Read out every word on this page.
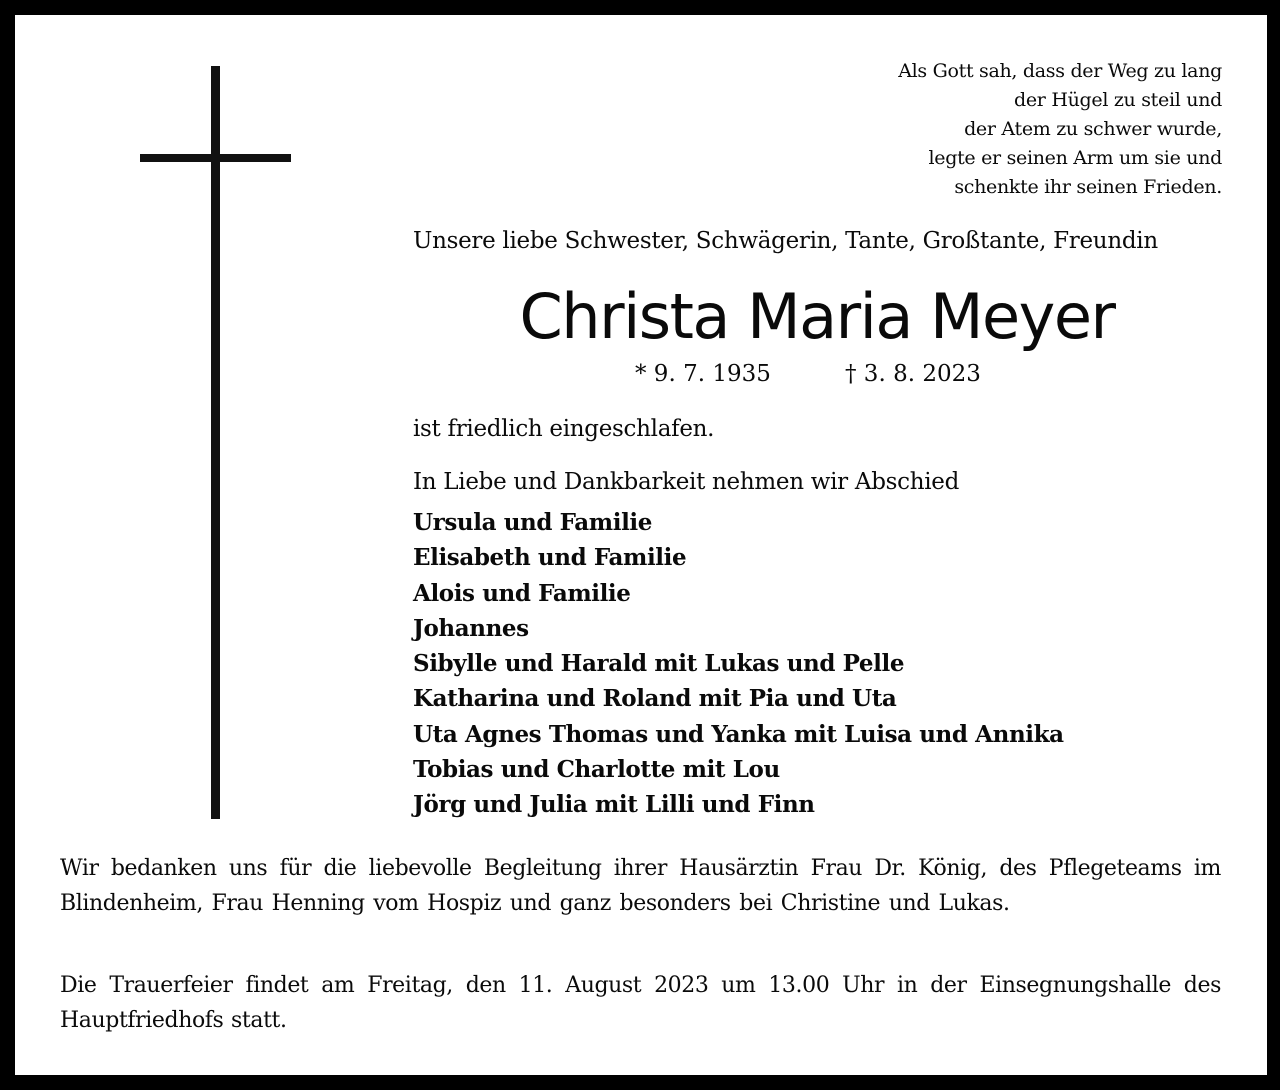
Als Gott sah, dass der Weg zu lang
der Hügel zu steil und
der Atem zu schwer wurde,
legte er seinen Arm um sie und
schenkte ihr seinen Frieden.
Unsere liebe Schwester, Schwägerin, Tante, Großtante, Freundin
Christa Maria Meyer
* 9. 7. 1935	† 3. 8. 2023
ist friedlich eingeschlafen.
In Liebe und Dankbarkeit nehmen wir Abschied
Ursula und Familie
Elisabeth und Familie
Alois und Familie
Johannes
Sibylle und Harald mit Lukas und Pelle
Katharina und Roland mit Pia und Uta
Uta Agnes Thomas und Yanka mit Luisa und Annika
Tobias und Charlotte mit Lou
Jörg und Julia mit Lilli und Finn
Wir bedanken uns für die liebevolle Begleitung ihrer Hausärztin Frau Dr. König, des Pflegeteams im Blindenheim, Frau Henning vom Hospiz und ganz besonders bei Christine und Lukas.
Die Trauerfeier findet am Freitag, den 11. August 2023 um 13.00 Uhr in der Einsegnungshalle des Hauptfriedhofs statt.
